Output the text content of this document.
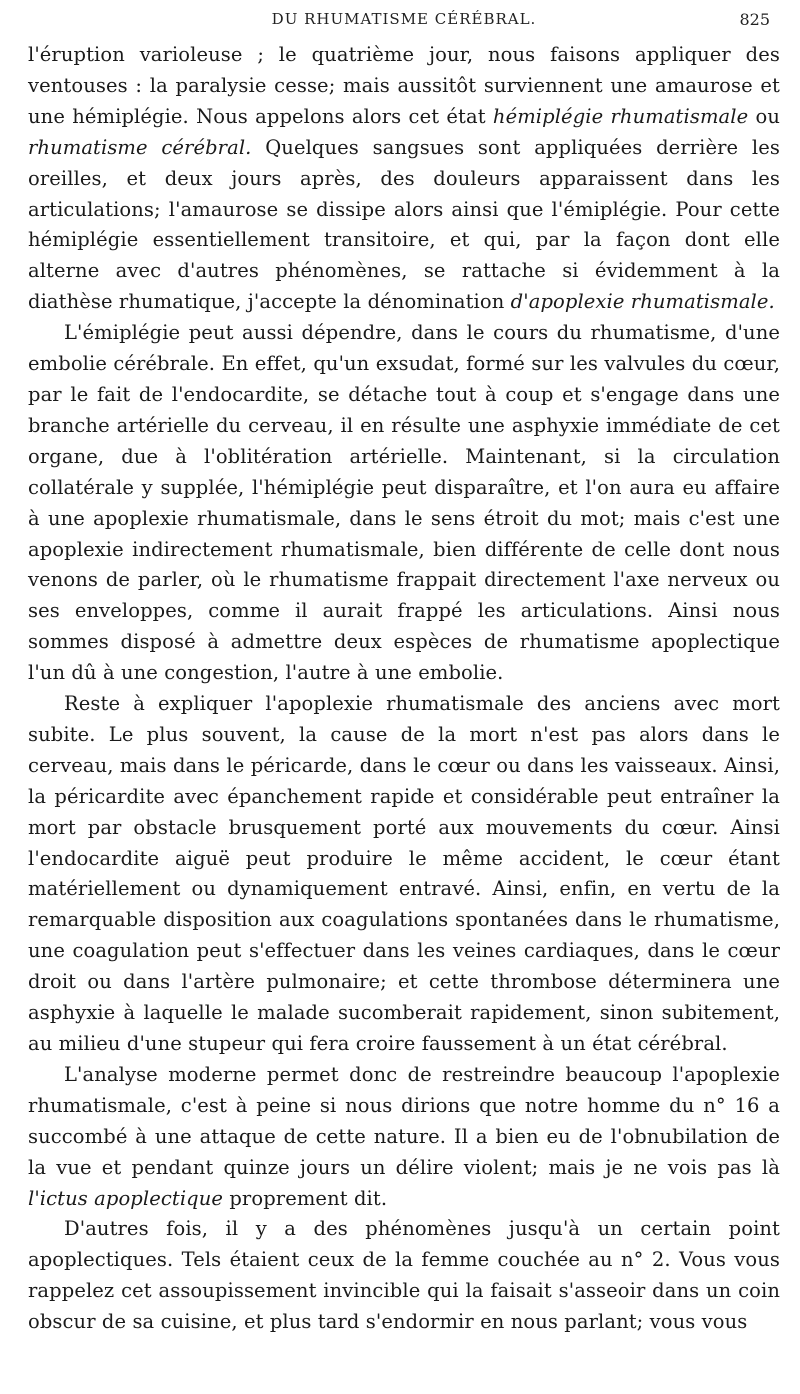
DU RHUMATISME CÉRÉBRAL.	825

l'éruption varioleuse ; le quatrième jour, nous faisons appliquer des ventouses : la paralysie cesse; mais aussitôt surviennent une amaurose et une hémiplégie. Nous appelons alors cet état hémiplégie rhumatismale ou rhumatisme cérébral. Quelques sangsues sont appliquées derrière les oreilles, et deux jours après, des douleurs apparaissent dans les articulations; l'amaurose se dissipe alors ainsi que l'émiplégie. Pour cette hémiplégie essentiellement transitoire, et qui, par la façon dont elle alterne avec d'autres phénomènes, se rattache si évidemment à la diathèse rhumatique, j'accepte la dénomination d'apoplexie rhumatismale.

L'émiplégie peut aussi dépendre, dans le cours du rhumatisme, d'une embolie cérébrale. En effet, qu'un exsudat, formé sur les valvules du cœur, par le fait de l'endocardite, se détache tout à coup et s'engage dans une branche artérielle du cerveau, il en résulte une asphyxie immédiate de cet organe, due à l'oblitération artérielle. Maintenant, si la circulation collatérale y supplée, l'hémiplégie peut disparaître, et l'on aura eu affaire à une apoplexie rhumatismale, dans le sens étroit du mot; mais c'est une apoplexie indirectement rhumatismale, bien différente de celle dont nous venons de parler, où le rhumatisme frappait directement l'axe nerveux ou ses enveloppes, comme il aurait frappé les articulations. Ainsi nous sommes disposé à admettre deux espèces de rhumatisme apoplectique l'un dû à une congestion, l'autre à une embolie.

Reste à expliquer l'apoplexie rhumatismale des anciens avec mort subite. Le plus souvent, la cause de la mort n'est pas alors dans le cerveau, mais dans le péricarde, dans le cœur ou dans les vaisseaux. Ainsi, la péricardite avec épanchement rapide et considérable peut entraîner la mort par obstacle brusquement porté aux mouvements du cœur. Ainsi l'endocardite aiguë peut produire le même accident, le cœur étant matériellement ou dynamiquement entravé. Ainsi, enfin, en vertu de la remarquable disposition aux coagulations spontanées dans le rhumatisme, une coagulation peut s'effectuer dans les veines cardiaques, dans le cœur droit ou dans l'artère pulmonaire; et cette thrombose déterminera une asphyxie à laquelle le malade sucomberait rapidement, sinon subitement, au milieu d'une stupeur qui fera croire faussement à un état cérébral.

L'analyse moderne permet donc de restreindre beaucoup l'apoplexie rhumatismale, c'est à peine si nous dirions que notre homme du n° 16 a succombé à une attaque de cette nature. Il a bien eu de l'obnubilation de la vue et pendant quinze jours un délire violent; mais je ne vois pas là l'ictus apoplectique proprement dit.

D'autres fois, il y a des phénomènes jusqu'à un certain point apoplectiques. Tels étaient ceux de la femme couchée au n° 2. Vous vous rappelez cet assoupissement invincible qui la faisait s'asseoir dans un coin obscur de sa cuisine, et plus tard s'endormir en nous parlant; vous vous
